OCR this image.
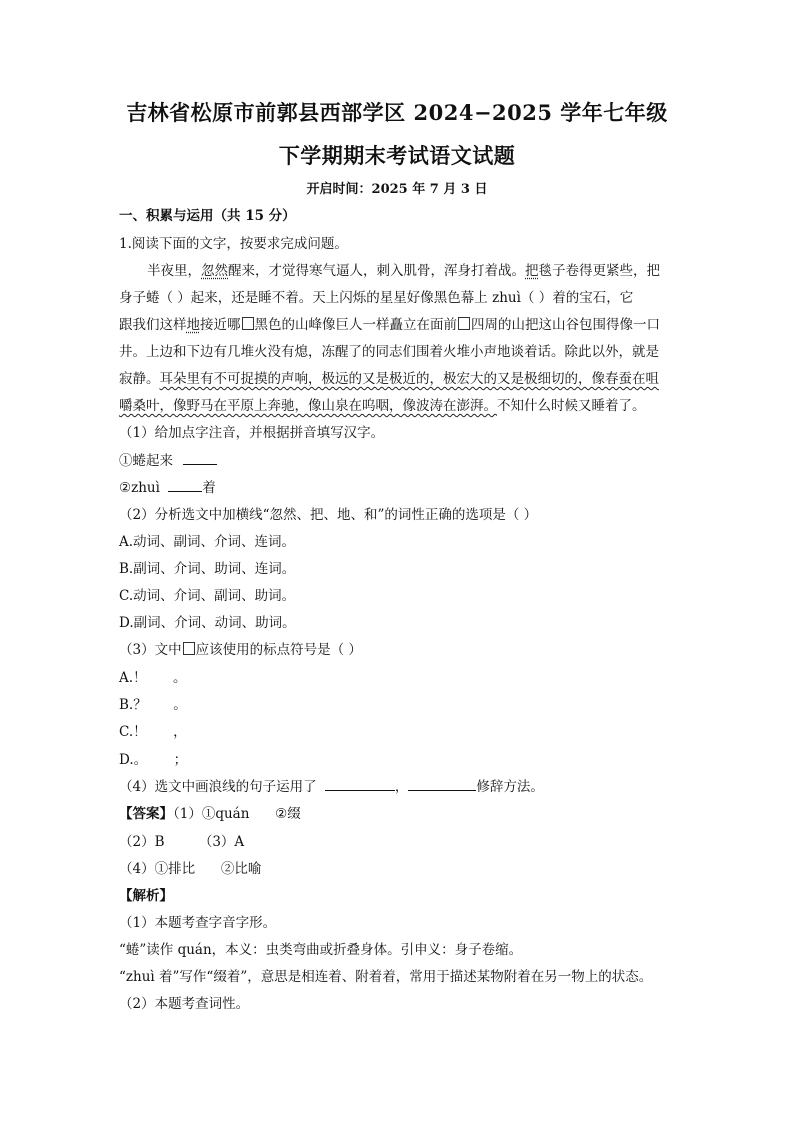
吉林省松原市前郭县西部学区 2024−2025 学年七年级
下学期期末考试语文试题
开启时间：2025 年 7 月 3 日
一、积累与运用（共 15 分）
1.阅读下面的文字，按要求完成问题。
半夜里，忽然醒来，才觉得寒气逼人，刺入肌骨，浑身打着战。把毯子卷得更紧些，把
身子蜷（ ）起来，还是睡不着。天上闪烁的星星好像黑色幕上 zhuì（ ）着的宝石，它
跟我们这样地接近哪 黑色的山峰像巨人一样矗立在面前 四周的山把这山谷包围得像一口
井。上边和下边有几堆火没有熄，冻醒了的同志们围着火堆小声地谈着话。除此以外，就是
寂静。耳朵里有不可捉摸的声响，极远的又是极近的，极宏大的又是极细切的，像春蚕在咀
嚼桑叶，像野马在平原上奔驰，像山泉在呜咽，像波涛在澎湃。不知什么时候又睡着了。
（1）给加点字注音，并根据拼音填写汉字。
①蜷起来
②zhuì	着
（2）分析选文中加横线“忽然、把、地、和”的词性正确的选项是（ ）
A.动词、副词、介词、连词。
B.副词、介词、助词、连词。
C.动词、介词、副词、助词。
D.副词、介词、动词、助词。
（3）文中 应该使用的标点符号是（ ）
A.！ 。
B.？ 。
C.！ ，
D.。 ；
（4）选文中画浪线的句子运用了	，	修辞方法。
【答案】（1）①quán      ②缀
（2）B        （3）A
（4）①排比      ②比喻
【解析】
（1）本题考查字音字形。
“蜷”读作 quán，本义：虫类弯曲或折叠身体。引申义：身子卷缩。
“zhuì 着”写作“缀着”，意思是相连着、附着着，常用于描述某物附着在另一物上的状态。
（2）本题考查词性。
